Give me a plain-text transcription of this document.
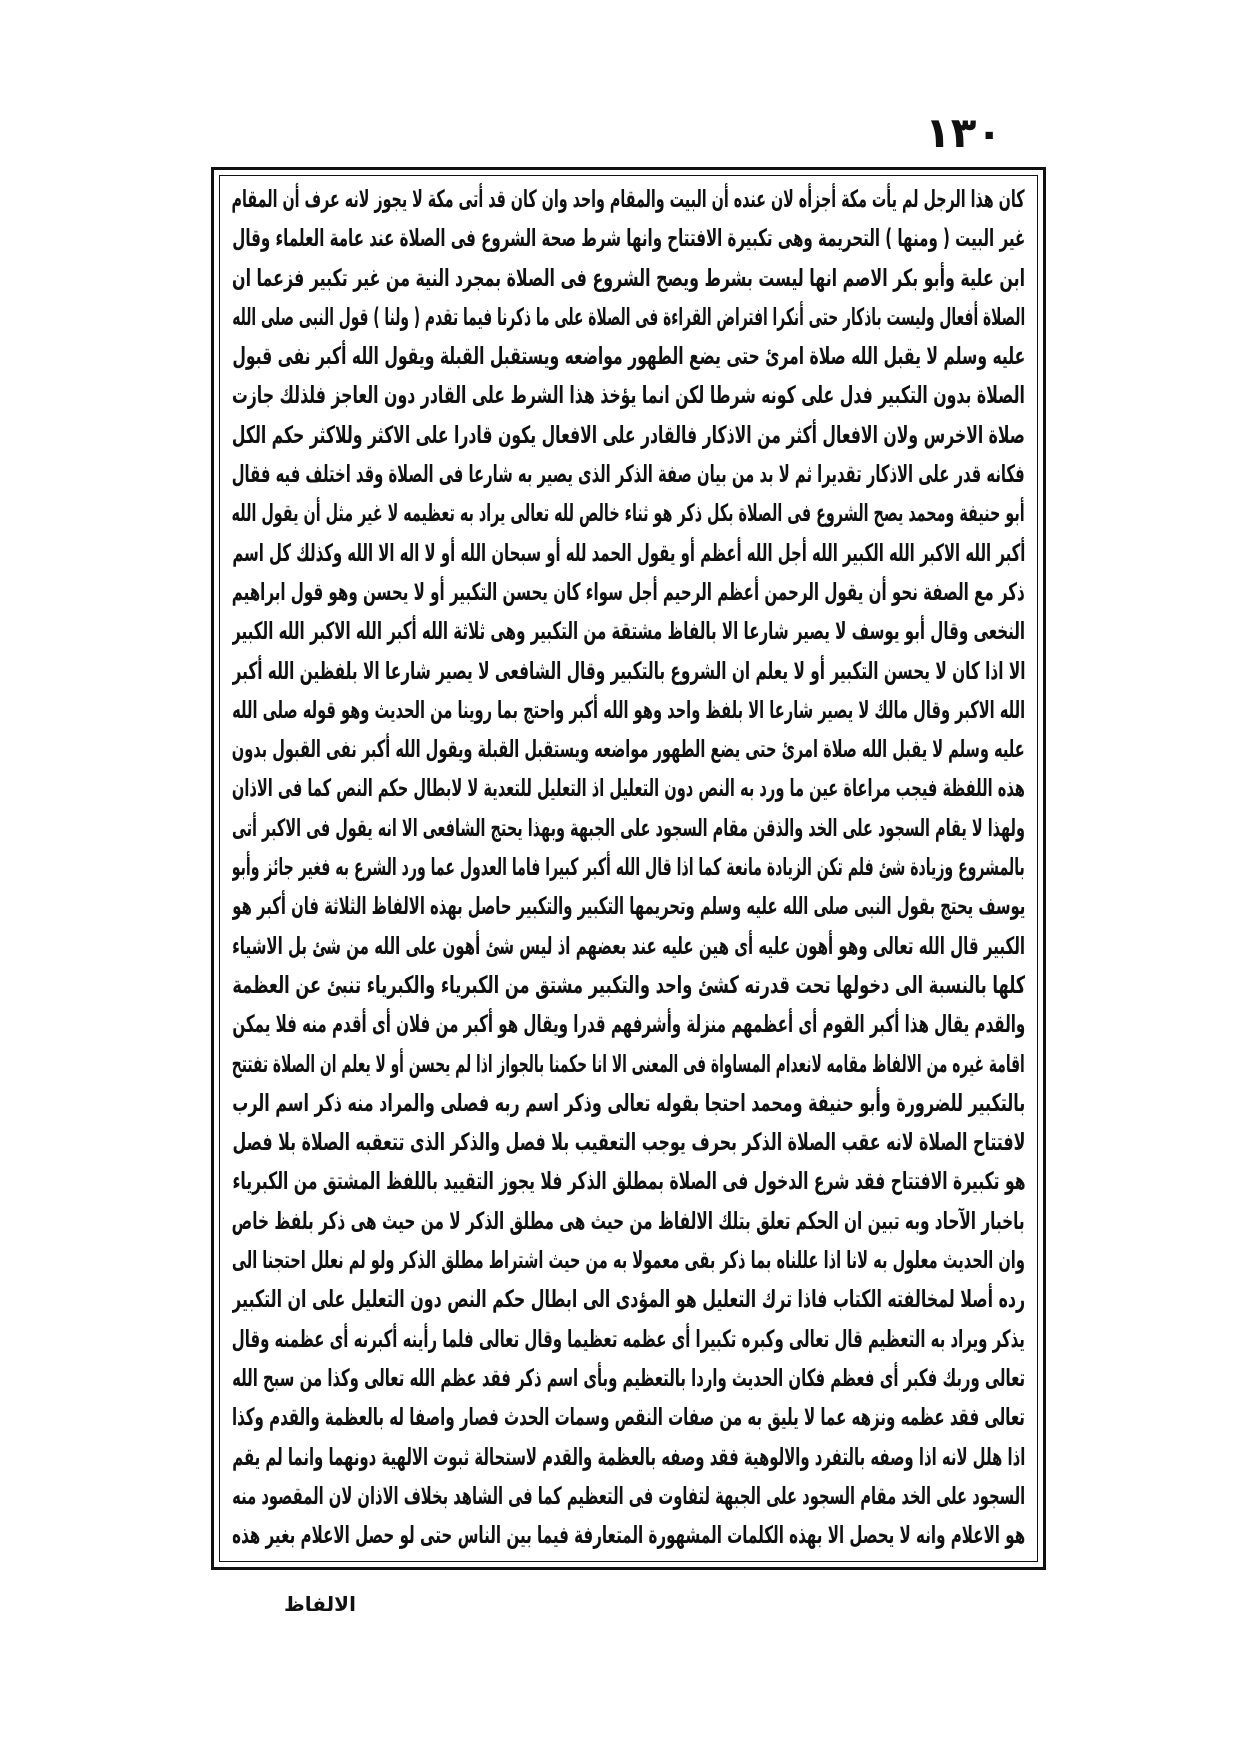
١٣٠
كان هذا الرجل لم يأت مكة أجزأه لان عنده أن البيت والمقام واحد وان كان قد أتى مكة لا يجوز لانه عرف أن المقام
غير البيت ( ومنها ) التحريمة وهى تكبيرة الافتتاح وانها شرط صحة الشروع فى الصلاة عند عامة العلماء وقال
ابن علية وأبو بكر الاصم انها ليست بشرط ويصح الشروع فى الصلاة بمجرد النية من غير تكبير فزعما ان
الصلاة أفعال وليست باذكار حتى أنكرا افتراض القراءة فى الصلاة على ما ذكرنا فيما تقدم ( ولنا ) قول النبى صلى الله
عليه وسلم لا يقبل الله صلاة امرئ حتى يضع الطهور مواضعه ويستقبل القبلة ويقول الله أكبر نفى قبول
الصلاة بدون التكبير فدل على كونه شرطا لكن انما يؤخذ هذا الشرط على القادر دون العاجز فلذلك جازت
صلاة الاخرس ولان الافعال أكثر من الاذكار فالقادر على الافعال يكون قادرا على الاكثر وللاكثر حكم الكل
فكانه قدر على الاذكار تقديرا ثم لا بد من بيان صفة الذكر الذى يصير به شارعا فى الصلاة وقد اختلف فيه فقال
أبو حنيفة ومحمد يصح الشروع فى الصلاة بكل ذكر هو ثناء خالص لله تعالى يراد به تعظيمه لا غير مثل أن يقول الله
أكبر الله الاكبر الله الكبير الله أجل الله أعظم أو يقول الحمد لله أو سبحان الله أو لا اله الا الله وكذلك كل اسم
ذكر مع الصفة نحو أن يقول الرحمن أعظم الرحيم أجل سواء كان يحسن التكبير أو لا يحسن وهو قول ابراهيم
النخعى وقال أبو يوسف لا يصير شارعا الا بالفاظ مشتقة من التكبير وهى ثلاثة الله أكبر الله الاكبر الله الكبير
الا اذا كان لا يحسن التكبير أو لا يعلم ان الشروع بالتكبير وقال الشافعى لا يصير شارعا الا بلفظين الله أكبر
الله الاكبر وقال مالك لا يصير شارعا الا بلفظ واحد وهو الله أكبر واحتج بما روينا من الحديث وهو قوله صلى الله
عليه وسلم لا يقبل الله صلاة امرئ حتى يضع الطهور مواضعه ويستقبل القبلة ويقول الله أكبر نفى القبول بدون
هذه اللفظة فيجب مراعاة عين ما ورد به النص دون التعليل اذ التعليل للتعدية لا لابطال حكم النص كما فى الاذان
ولهذا لا يقام السجود على الخد والذقن مقام السجود على الجبهة وبهذا يحتج الشافعى الا انه يقول فى الاكبر أتى
بالمشروع وزيادة شئ فلم تكن الزيادة مانعة كما اذا قال الله أكبر كبيرا فاما العدول عما ورد الشرع به فغير جائز وأبو
يوسف يحتج بقول النبى صلى الله عليه وسلم وتحريمها التكبير والتكبير حاصل بهذه الالفاظ الثلاثة فان أكبر هو
الكبير قال الله تعالى وهو أهون عليه أى هين عليه عند بعضهم اذ ليس شئ أهون على الله من شئ بل الاشياء
كلها بالنسبة الى دخولها تحت قدرته كشئ واحد والتكبير مشتق من الكبرياء والكبرياء تنبئ عن العظمة
والقدم يقال هذا أكبر القوم أى أعظمهم منزلة وأشرفهم قدرا ويقال هو أكبر من فلان أى أقدم منه فلا يمكن
اقامة غيره من الالفاظ مقامه لانعدام المساواة فى المعنى الا انا حكمنا بالجواز اذا لم يحسن أو لا يعلم ان الصلاة تفتتح
بالتكبير للضرورة وأبو حنيفة ومحمد احتجا بقوله تعالى وذكر اسم ربه فصلى والمراد منه ذكر اسم الرب
لافتتاح الصلاة لانه عقب الصلاة الذكر بحرف يوجب التعقيب بلا فصل والذكر الذى تتعقبه الصلاة بلا فصل
هو تكبيرة الافتتاح فقد شرع الدخول فى الصلاة بمطلق الذكر فلا يجوز التقييد باللفظ المشتق من الكبرياء
باخبار الآحاد وبه تبين ان الحكم تعلق بتلك الالفاظ من حيث هى مطلق الذكر لا من حيث هى ذكر بلفظ خاص
وان الحديث معلول به لانا اذا عللناه بما ذكر بقى معمولا به من حيث اشتراط مطلق الذكر ولو لم نعلل احتجنا الى
رده أصلا لمخالفته الكتاب فاذا ترك التعليل هو المؤدى الى ابطال حكم النص دون التعليل على ان التكبير
يذكر ويراد به التعظيم قال تعالى وكبره تكبيرا أى عظمه تعظيما وقال تعالى فلما رأينه أكبرنه أى عظمنه وقال
تعالى وربك فكبر أى فعظم فكان الحديث واردا بالتعظيم وبأى اسم ذكر فقد عظم الله تعالى وكذا من سبح الله
تعالى فقد عظمه ونزهه عما لا يليق به من صفات النقص وسمات الحدث فصار واصفا له بالعظمة والقدم وكذا
اذا هلل لانه اذا وصفه بالتفرد والالوهية فقد وصفه بالعظمة والقدم لاستحالة ثبوت الالهية دونهما وانما لم يقم
السجود على الخد مقام السجود على الجبهة لتفاوت فى التعظيم كما فى الشاهد بخلاف الاذان لان المقصود منه
هو الاعلام وانه لا يحصل الا بهذه الكلمات المشهورة المتعارفة فيما بين الناس حتى لو حصل الاعلام بغير هذه
الالفاظ
